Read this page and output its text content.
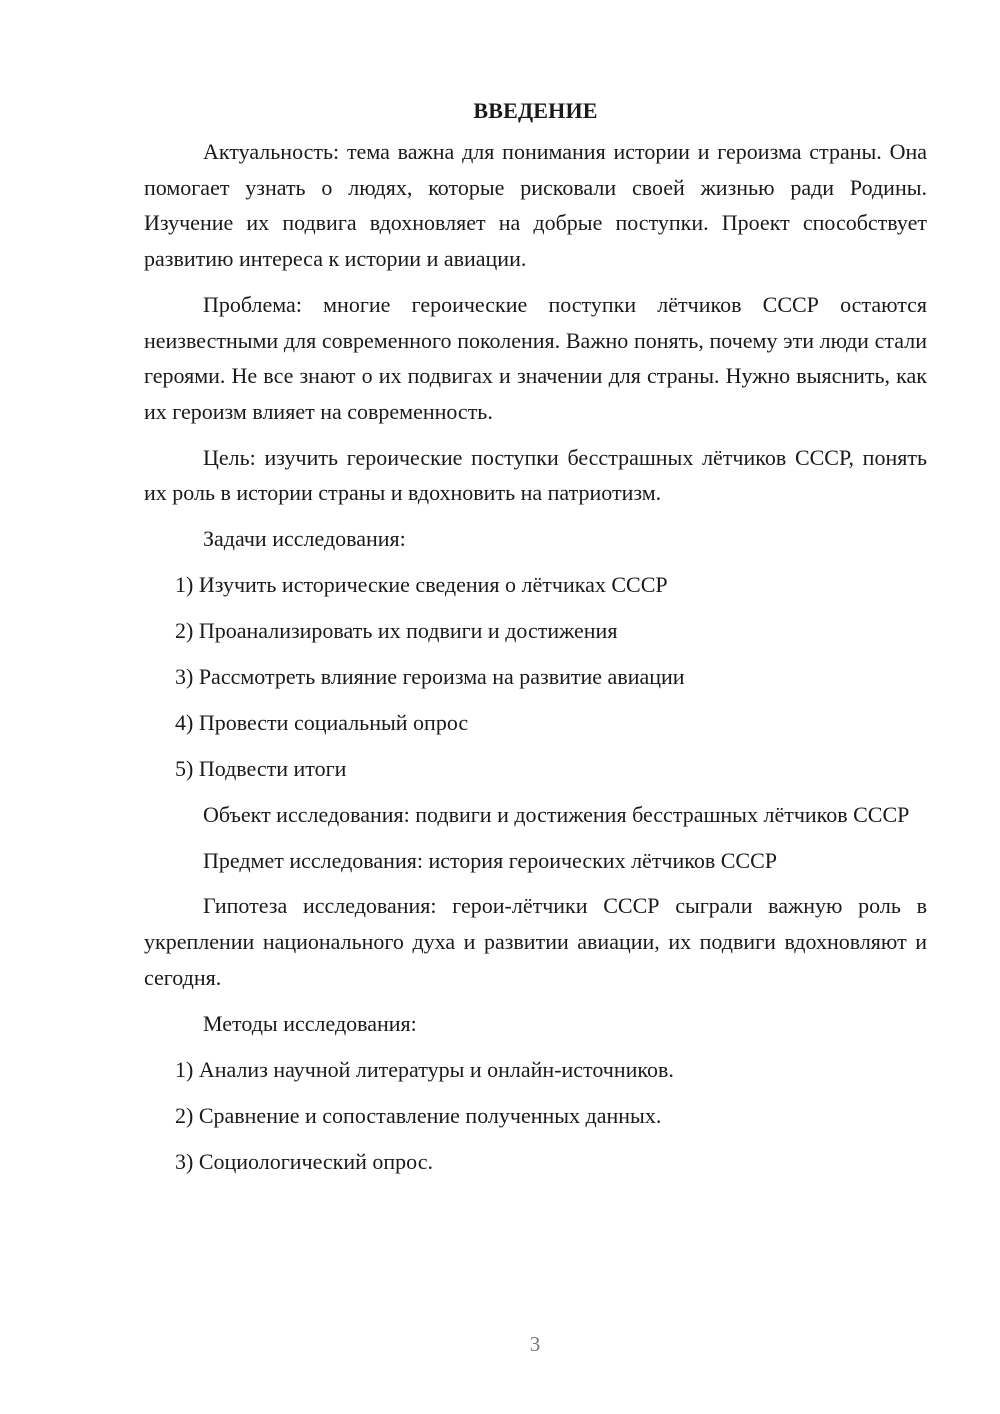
ВВЕДЕНИЕ

Актуальность: тема важна для понимания истории и героизма страны. Она помогает узнать о людях, которые рисковали своей жизнью ради Родины. Изучение их подвига вдохновляет на добрые поступки. Проект способствует развитию интереса к истории и авиации.

Проблема: многие героические поступки лётчиков СССР остаются неизвестными для современного поколения. Важно понять, почему эти люди стали героями. Не все знают о их подвигах и значении для страны. Нужно выяснить, как их героизм влияет на современность.

Цель: изучить героические поступки бесстрашных лётчиков СССР, понять их роль в истории страны и вдохновить на патриотизм.

Задачи исследования:

1) Изучить исторические сведения о лётчиках СССР
2) Проанализировать их подвиги и достижения
3) Рассмотреть влияние героизма на развитие авиации
4) Провести социальный опрос
5) Подвести итоги

Объект исследования: подвиги и достижения бесстрашных лётчиков СССР

Предмет исследования: история героических лётчиков СССР

Гипотеза исследования: герои-лётчики СССР сыграли важную роль в укреплении национального духа и развитии авиации, их подвиги вдохновляют и сегодня.

Методы исследования:

1) Анализ научной литературы и онлайн-источников.
2) Сравнение и сопоставление полученных данных.
3) Социологический опрос.
3
